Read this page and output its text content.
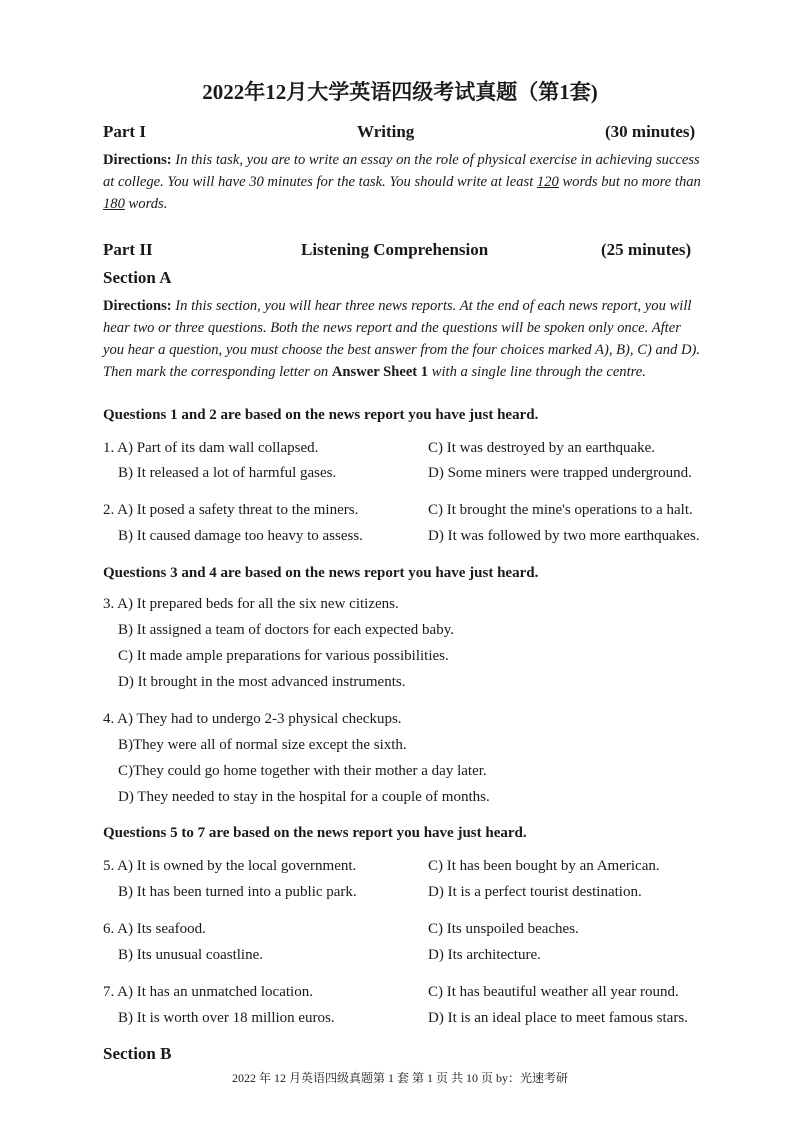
2022年12月大学英语四级考试真题（第1套)
Part I	Writing	(30 minutes)
Directions: In this task, you are to write an essay on the role of physical exercise in achieving success at college. You will have 30 minutes for the task. You should write at least 120 words but no more than 180 words.
Part II	Listening Comprehension	(25 minutes)
Section A
Directions: In this section, you will hear three news reports. At the end of each news report, you will hear two or three questions. Both the news report and the questions will be spoken only once. After you hear a question, you must choose the best answer from the four choices marked A), B), C) and D). Then mark the corresponding letter on Answer Sheet 1 with a single line through the centre.
Questions 1 and 2 are based on the news report you have just heard.
1. A) Part of its dam wall collapsed.	C) It was destroyed by an earthquake.
B) It released a lot of harmful gases.	D) Some miners were trapped underground.
2. A) It posed a safety threat to the miners.	C) It brought the mine's operations to a halt.
B) It caused damage too heavy to assess.	D) It was followed by two more earthquakes.
Questions 3 and 4 are based on the news report you have just heard.
3. A) It prepared beds for all the six new citizens.
B) It assigned a team of doctors for each expected baby.
C) It made ample preparations for various possibilities.
D) It brought in the most advanced instruments.
4. A) They had to undergo 2-3 physical checkups.
B)They were all of normal size except the sixth.
C)They could go home together with their mother a day later.
D) They needed to stay in the hospital for a couple of months.
Questions 5 to 7 are based on the news report you have just heard.
5. A) It is owned by the local government.	C) It has been bought by an American.
B) It has been turned into a public park.	D) It is a perfect tourist destination.
6. A) Its seafood.	C) Its unspoiled beaches.
B) Its unusual coastline.	D) Its architecture.
7. A) It has an unmatched location.	C) It has beautiful weather all year round.
B) It is worth over 18 million euros.	D) It is an ideal place to meet famous stars.
Section B
2022 年 12 月英语四级真题第 1 套 第 1 页 共 10 页 by：光速考研
